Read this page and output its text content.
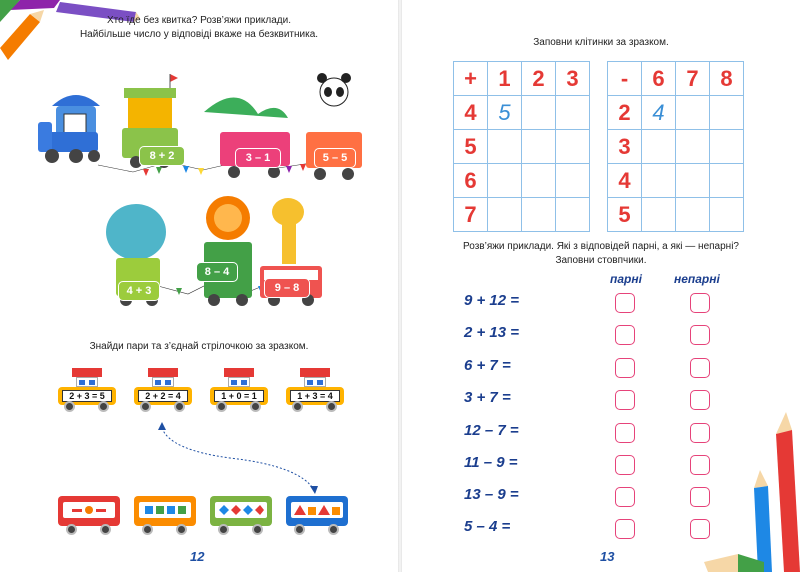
Хто їде без квитка? Розв’яжи приклади.
Найбільше число у відповіді вкаже на безквитника.
8 + 2	3 – 1	5 – 5
4 + 3
8 – 4
9 – 8
Знайди пари та з’єднай стрілочкою за зразком.
2 + 3 = 5	2 + 2 = 4	1 + 0 = 1	1 + 3 = 4
12
Заповни клітинки за зразком.
+	1	2	3
4	5		
5			
6			
7			
-	6	7	8
2	4		
3			
4			
5			
Розв’яжи приклади. Які з відповідей парні, а які — непарні?
Заповни стовпчики.
парні	непарні
9 + 12 =
2 + 13 =
6 + 7 =
3 + 7 =
12 – 7 =
11 – 9 =
13 – 9 =
5 – 4 =
13
